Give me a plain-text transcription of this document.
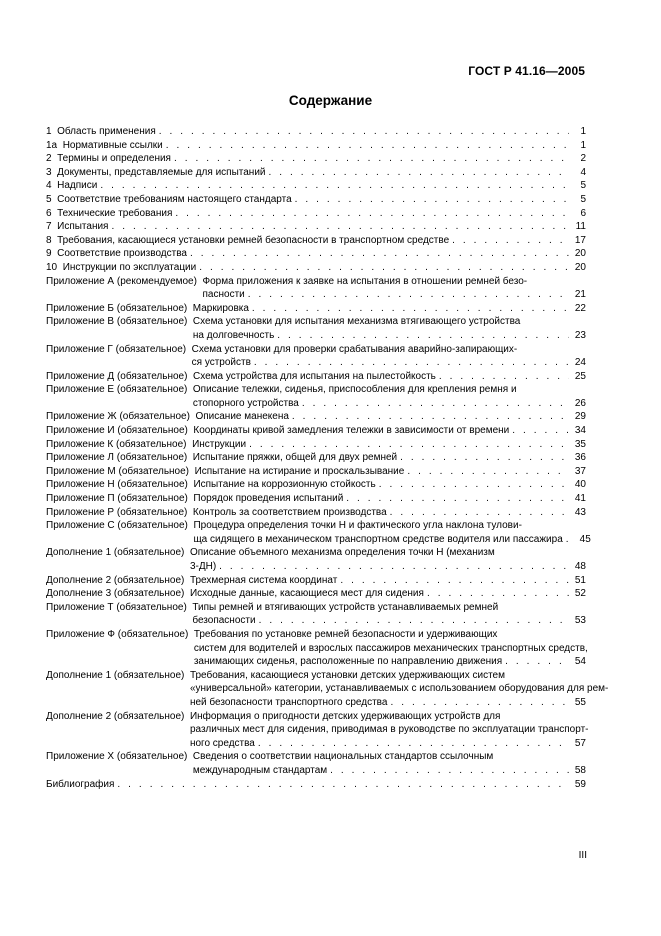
ГОСТ Р 41.16—2005
Содержание
1 Область применения . . .	1
1а Нормативные ссылки . . .	1
2 Термины и определения . . .	2
3 Документы, представляемые для испытаний . . .	4
4 Надписи . . .	5
5 Соответствие требованиям настоящего стандарта . . .	5
6 Технические требования . . .	6
7 Испытания . . .	11
8 Требования, касающиеся установки ремней безопасности в транспортном средстве . . .	17
9 Соответствие производства . . .	20
10 Инструкции по эксплуатации . . .	20
Приложение А (рекомендуемое) Форма приложения к заявке на испытания в отношении ремней безо-
пасности . . .	21
Приложение Б (обязательное) Маркировка . . .	22
Приложение В (обязательное) Схема установки для испытания механизма втягивающего устройства
на долговечность . . .	23
Приложение Г (обязательное) Схема установки для проверки срабатывания аварийно-запирающих-
ся устройств . . .	24
Приложение Д (обязательное) Схема устройства для испытания на пылестойкость . . .	25
Приложение Е (обязательное) Описание тележки, сиденья, приспособления для крепления ремня и
стопорного устройства . . .	26
Приложение Ж (обязательное) Описание манекена . . .	29
Приложение И (обязательное) Координаты кривой замедления тележки в зависимости от времени . . .	34
Приложение К (обязательное) Инструкции . . .	35
Приложение Л (обязательное) Испытание пряжки, общей для двух ремней . . .	36
Приложение М (обязательное) Испытание на истирание и проскальзывание . . .	37
Приложение Н (обязательное) Испытание на коррозионную стойкость . . .	40
Приложение П (обязательное) Порядок проведения испытаний . . .	41
Приложение Р (обязательное) Контроль за соответствием производства . . .	43
Приложение С (обязательное) Процедура определения точки H и фактического угла наклона тулови-
ща сидящего в механическом транспортном средстве водителя или пассажира . . . 45
Дополнение 1 (обязательное) Описание объемного механизма определения точки H (механизм
3-ДН) . . .	48
Дополнение 2 (обязательное) Трехмерная система координат . . .	51
Дополнение 3 (обязательное) Исходные данные, касающиеся мест для сидения . . .	52
Приложение Т (обязательное) Типы ремней и втягивающих устройств устанавливаемых ремней
безопасности . . .	53
Приложение Ф (обязательное) Требования по установке ремней безопасности и удерживающих
систем для водителей и взрослых пассажиров механических транспортных средств,
занимающих сиденья, расположенные по направлению движения . . .	54
Дополнение 1 (обязательное) Требования, касающиеся установки детских удерживающих систем
«универсальной» категории, устанавливаемых с использованием оборудования для рем-
ней безопасности транспортного средства . . .	55
Дополнение 2 (обязательное) Информация о пригодности детских удерживающих устройств для
различных мест для сидения, приводимая в руководстве по эксплуатации транспорт-
ного средства . . .	57
Приложение Х (обязательное) Сведения о соответствии национальных стандартов ссылочным
международным стандартам . . .	58
Библиография . . .	59
III
